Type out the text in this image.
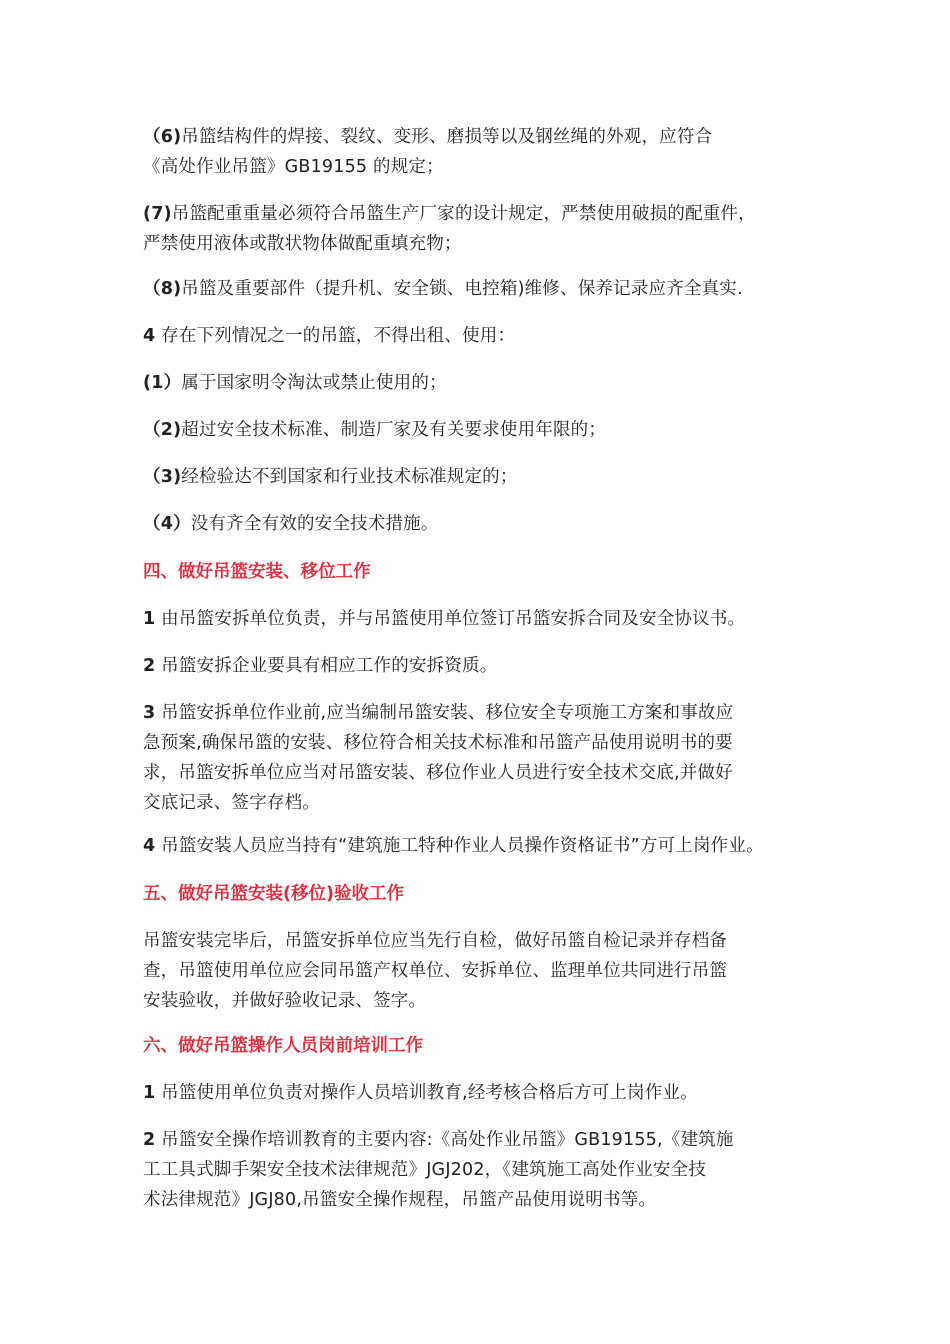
（6)吊篮结构件的焊接、裂纹、变形、磨损等以及钢丝绳的外观，应符合
《高处作业吊篮》GB19155 的规定；

(7)吊篮配重重量必须符合吊篮生产厂家的设计规定，严禁使用破损的配重件，
严禁使用液体或散状物体做配重填充物；

（8)吊篮及重要部件（提升机、安全锁、电控箱)维修、保养记录应齐全真实.

4 存在下列情况之一的吊篮，不得出租、使用：

(1）属于国家明令淘汰或禁止使用的；

（2)超过安全技术标准、制造厂家及有关要求使用年限的；

（3)经检验达不到国家和行业技术标准规定的；

（4）没有齐全有效的安全技术措施。

四、做好吊篮安装、移位工作

1 由吊篮安拆单位负责，并与吊篮使用单位签订吊篮安拆合同及安全协议书。

2 吊篮安拆企业要具有相应工作的安拆资质。

3 吊篮安拆单位作业前,应当编制吊篮安装、移位安全专项施工方案和事故应
急预案,确保吊篮的安装、移位符合相关技术标准和吊篮产品使用说明书的要
求，吊篮安拆单位应当对吊篮安装、移位作业人员进行安全技术交底,并做好
交底记录、签字存档。

4 吊篮安装人员应当持有“建筑施工特种作业人员操作资格证书”方可上岗作业。

五、做好吊篮安装(移位)验收工作

吊篮安装完毕后，吊篮安拆单位应当先行自检，做好吊篮自检记录并存档备
查，吊篮使用单位应会同吊篮产权单位、安拆单位、监理单位共同进行吊篮
安装验收，并做好验收记录、签字。

六、做好吊篮操作人员岗前培训工作

1 吊篮使用单位负责对操作人员培训教育,经考核合格后方可上岗作业。

2 吊篮安全操作培训教育的主要内容:《高处作业吊篮》GB19155,《建筑施
工工具式脚手架安全技术法律规范》JGJ202，《建筑施工高处作业安全技
术法律规范》JGJ80,吊篮安全操作规程，吊篮产品使用说明书等。
